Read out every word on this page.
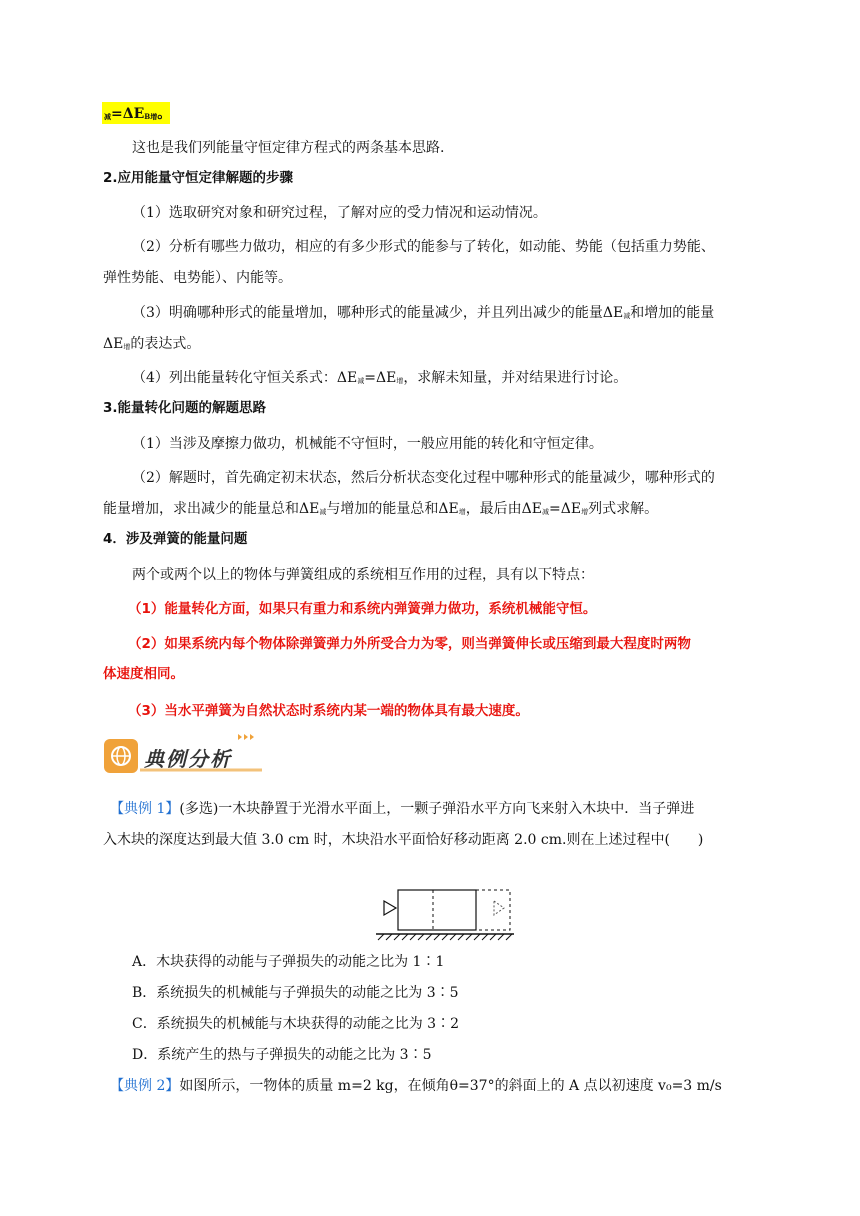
$_减=\Delta E_{B增}$。
这也是我们列能量守恒定律方程式的两条基本思路.
2.应用能量守恒定律解题的步骤
（1）选取研究对象和研究过程，了解对应的受力情况和运动情况。
（2）分析有哪些力做功，相应的有多少形式的能参与了转化，如动能、势能（包括重力势能、
弹性势能、电势能）、内能等。
（3）明确哪种形式的能量增加，哪种形式的能量减少，并且列出减少的能量$\Delta E_减$和增加的能量
$\Delta E_增$的表达式。
（4）列出能量转化守恒关系式：$\Delta E_减=\Delta E_增$，求解未知量，并对结果进行讨论。
3.能量转化问题的解题思路
（1）当涉及摩擦力做功，机械能不守恒时，一般应用能的转化和守恒定律。
（2）解题时，首先确定初末状态，然后分析状态变化过程中哪种形式的能量减少，哪种形式的
能量增加，求出减少的能量总和$\Delta E_减$与增加的能量总和$\Delta E_增$，最后由$\Delta E_减=\Delta E_增$列式求解。
4．涉及弹簧的能量问题
两个或两个以上的物体与弹簧组成的系统相互作用的过程，具有以下特点：
（1）能量转化方面，如果只有重力和系统内弹簧弹力做功，系统机械能守恒。
（2）如果系统内每个物体除弹簧弹力外所受合力为零，则当弹簧伸长或压缩到最大程度时两物
体速度相同。
（3）当水平弹簧为自然状态时系统内某一端的物体具有最大速度。
典例分析
【典例 1】(多选)一木块静置于光滑水平面上，一颗子弹沿水平方向飞来射入木块中．当子弹进
入木块的深度达到最大值 3.0 cm 时，木块沿水平面恰好移动距离 2.0 cm.则在上述过程中(　　)
A．木块获得的动能与子弹损失的动能之比为 1∶1
B．系统损失的机械能与子弹损失的动能之比为 3∶5
C．系统损失的机械能与木块获得的动能之比为 3∶2
D．系统产生的热与子弹损失的动能之比为 3∶5
【典例 2】如图所示，一物体的质量 m=2 kg，在倾角θ=37°的斜面上的 A 点以初速度 v₀=3 m/s
